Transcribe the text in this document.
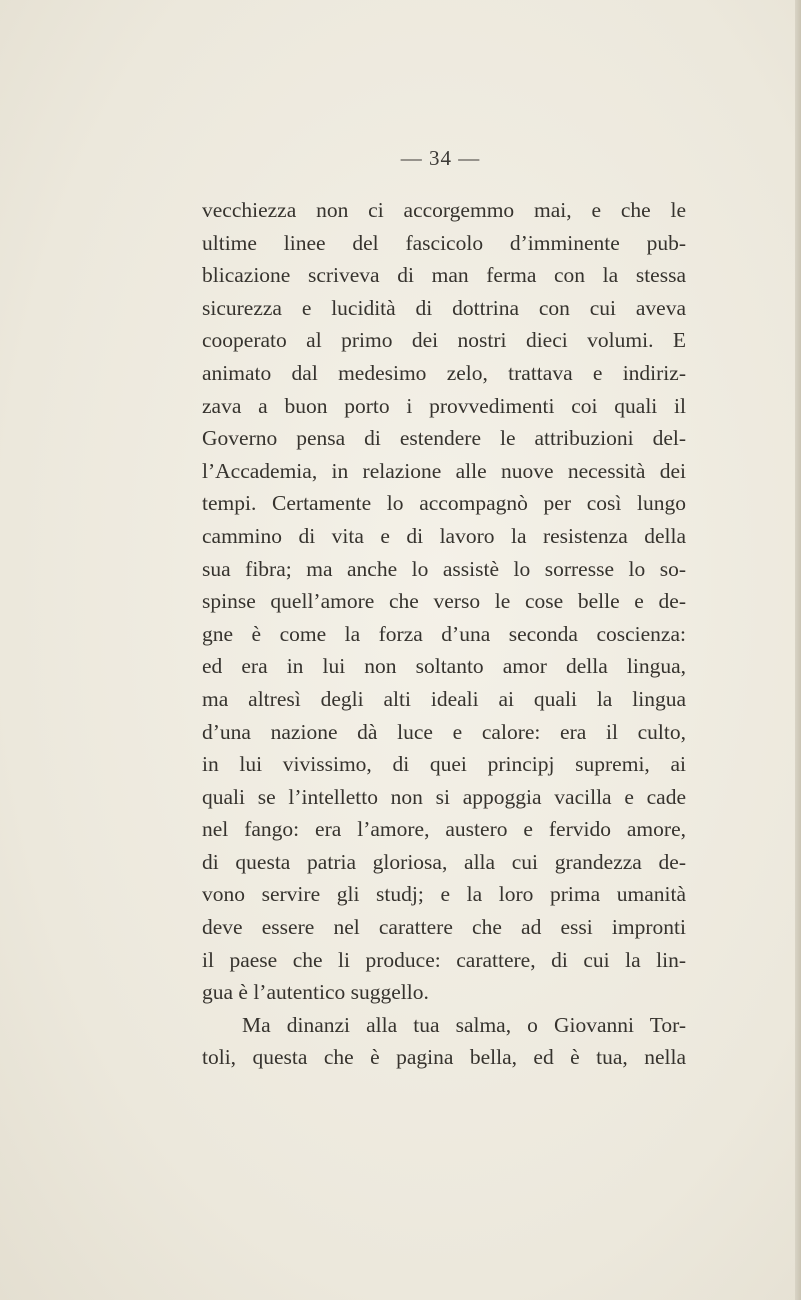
— 34 —
vecchiezza non ci accorgemmo mai, e che le
ultime linee del fascicolo d’imminente pub-
blicazione scriveva di man ferma con la stessa
sicurezza e lucidità di dottrina con cui aveva
cooperato al primo dei nostri dieci volumi. E
animato dal medesimo zelo, trattava e indiriz-
zava a buon porto i provvedimenti coi quali il
Governo pensa di estendere le attribuzioni del-
l’Accademia, in relazione alle nuove necessità dei
tempi. Certamente lo accompagnò per così lungo
cammino di vita e di lavoro la resistenza della
sua fibra; ma anche lo assistè lo sorresse lo so-
spinse quell’amore che verso le cose belle e de-
gne è come la forza d’una seconda coscienza:
ed era in lui non soltanto amor della lingua,
ma altresì degli alti ideali ai quali la lingua
d’una nazione dà luce e calore: era il culto,
in lui vivissimo, di quei principj supremi, ai
quali se l’intelletto non si appoggia vacilla e cade
nel fango: era l’amore, austero e fervido amore,
di questa patria gloriosa, alla cui grandezza de-
vono servire gli studj; e la loro prima umanità
deve essere nel carattere che ad essi impronti
il paese che li produce: carattere, di cui la lin-
gua è l’autentico suggello.
Ma dinanzi alla tua salma, o Giovanni Tor-
toli, questa che è pagina bella, ed è tua, nella
